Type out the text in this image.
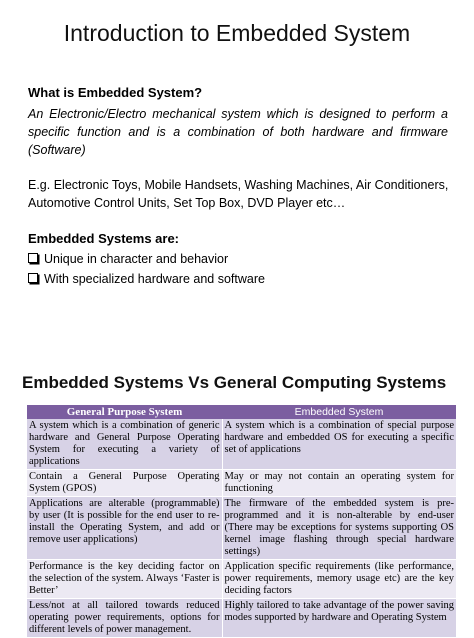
Introduction to Embedded System
What is Embedded System?
An Electronic/Electro mechanical system which is designed to perform a specific function and is a combination of both hardware and firmware (Software)
E.g. Electronic Toys, Mobile Handsets, Washing Machines, Air Conditioners, Automotive Control Units, Set Top Box, DVD Player etc…
Embedded Systems are:
Unique in character and behavior
With specialized hardware and software
Embedded Systems Vs General Computing Systems
General Purpose System	Embedded System
A system which is a combination of generic hardware and General Purpose Operating System for executing a variety of applications	A system which is a combination of special purpose hardware and embedded OS for executing a specific set of applications
Contain a General Purpose Operating System (GPOS)	May or may not contain an operating system for functioning
Applications are alterable (programmable) by user (It is possible for the end user to re-install the Operating System, and add or remove user applications)	The firmware of the embedded system is pre-programmed and it is non-alterable by end-user (There may be exceptions for systems supporting OS kernel image flashing through special hardware settings)
Performance is the key deciding factor on the selection of the system. Always ‘Faster is Better’	Application specific requirements (like performance, power requirements, memory usage etc) are the key deciding factors
Less/not at all tailored towards reduced operating power requirements, options for different levels of power management.	Highly tailored to take advantage of the power saving modes supported by hardware and Operating System
